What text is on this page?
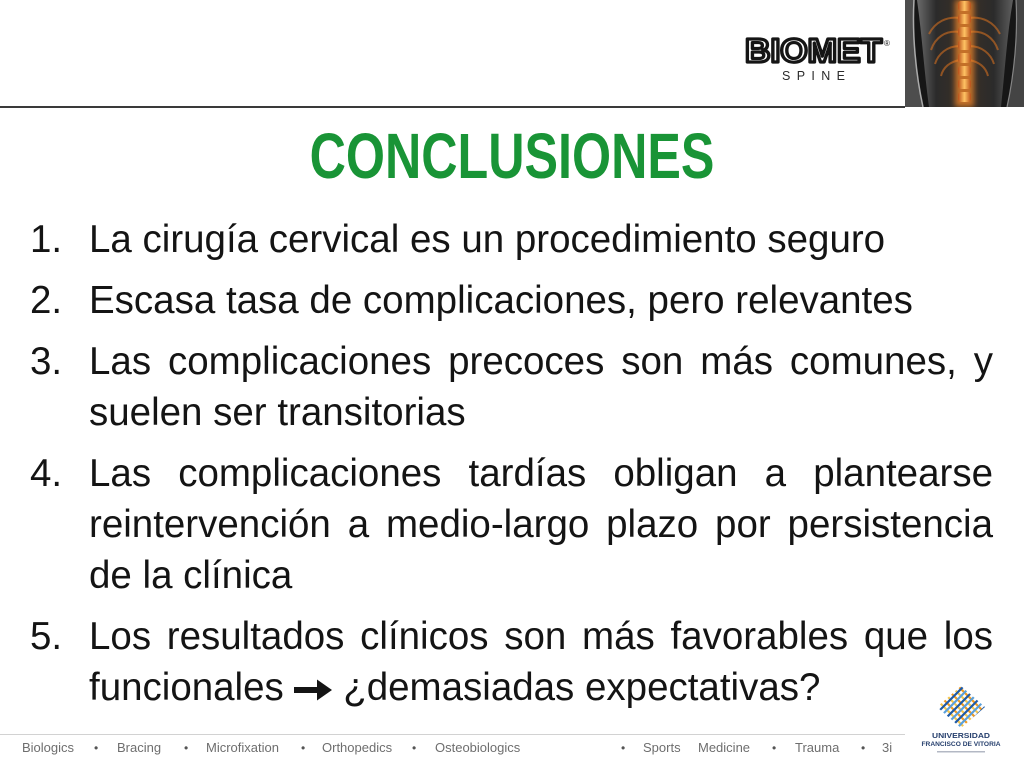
BIOMET ®
SPINE
CONCLUSIONES
1. La cirugía cervical es un procedimiento seguro
2. Escasa tasa de complicaciones, pero relevantes
3. Las complicaciones precoces son más comunes, y suelen ser transitorias
4. Las complicaciones tardías obligan a plantearse reintervención a medio-largo plazo por persistencia de la clínica
5. Los resultados clínicos son más favorables que los funcionales ¿demasiadas expectativas?
Biologics • Bracing • Microfixation • Orthopedics • Osteobiologics	• Sports Medicine • Trauma • 3i
UNIVERSIDAD
FRANCISCO DE VITORIA
